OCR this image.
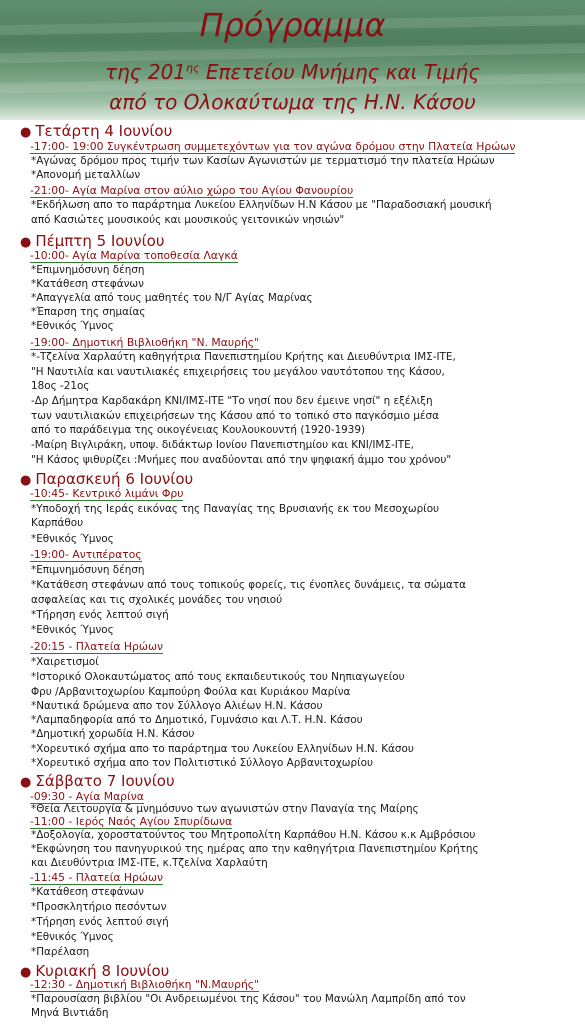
Πρόγραμμα
της $201^{\eta\varsigma}$ Επετείου Μνήμης και Τιμής
από το Ολοκαύτωμα της Η.Ν. Κάσου
● Τετάρτη 4 Ιουνίου
● Πέμπτη 5 Ιουνίου
● Παρασκευή 6 Ιουνίου
● Σάββατο 7 Ιουνίου
● Κυριακή 8 Ιουνίου
-17:00- 19:00 Συγκέντρωση συμμετεχόντων για τον αγώνα δρόμου στην Πλατεία Ηρώων
-21:00- Αγία Μαρίνα στον αύλιο χώρο του Αγίου Φανουρίου
-10:00- Αγία Μαρίνα τοποθεσία Λαγκά
-19:00- Δημοτική Βιβλιοθήκη "Ν. Μαυρής"
-10:45- Κεντρικό λιμάνι Φρυ
-19:00- Αντιπέρατος
-20:15 - Πλατεία Ηρώων
-09:30 - Αγία Μαρίνα
-11:00 - Ιερός Ναός Αγίου Σπυρίδωνα
-11:45 - Πλατεία Ηρώων
-12:30 - Δημοτική Βιβλιοθήκη "Ν.Μαυρής"
*Αγώνας δρόμου προς τιμήν των Κασίων Αγωνιστών με τερματισμό την πλατεία Ηρώων
*Απονομή μεταλλίων
*Εκδήλωση απο το παράρτημα Λυκείου Ελληνίδων Η.Ν Κάσου με "Παραδοσιακή μουσική
από Κασιώτες μουσικούς και μουσικούς γειτονικών νησιών"
*Επιμνημόσυνη δέηση
*Κατάθεση στεφάνων
*Απαγγελία από τους μαθητές του Ν/Γ Αγίας Μαρίνας
*Έπαρση της σημαίας
*Εθνικός Ύμνος
*-Τζελίνα Χαρλαύτη καθηγήτρια Πανεπιστημίου Κρήτης και Διευθύντρια ΙΜΣ-ΙΤΕ,
"Η Ναυτιλία και ναυτιλιακές επιχειρήσεις του μεγάλου ναυτότοπου της Κάσου,
18ος -21ος
-Δρ Δήμητρα Καρδακάρη ΚΝΙ/ΙΜΣ-ΙΤΕ "Το νησί που δεν έμεινε νησί" η εξέλιξη
των ναυτιλιακών επιχειρήσεων της Κάσου από το τοπικό στο παγκόσμιο μέσα
από το παράδειγμα της οικογένειας Κουλουκουντή (1920-1939)
-Μαίρη Βιγλιράκη, υποψ. διδάκτωρ Ιονίου Πανεπιστημίου και ΚΝΙ/ΙΜΣ-ΙΤΕ,
"Η Κάσος ψιθυρίζει :Μνήμες που αναδύονται από την ψηφιακή άμμο του χρόνου"
*Υποδοχή της Ιεράς εικόνας της Παναγίας της Βρυσιανής εκ του Μεσοχωρίου
Καρπάθου
*Εθνικός Ύμνος
*Επιμνημόσυνη δέηση
*Κατάθεση στεφάνων από τους τοπικούς φορείς, τις ένοπλες δυνάμεις, τα σώματα
ασφαλείας και τις σχολικές μονάδες του νησιού
*Τήρηση ενός λεπτού σιγή
*Εθνικός Ύμνος
*Χαιρετισμοί
*Ιστορικό Ολοκαυτώματος από τους εκπαιδευτικούς του Νηπιαγωγείου
Φρυ /Αρβανιτοχωρίου Καμπούρη Φούλα και Κυριάκου Μαρίνα
*Ναυτικά δρώμενα απο τον Σύλλογο Αλιέων Η.Ν. Κάσου
*Λαμπαδηφορία από το Δημοτικό, Γυμνάσιο και Λ.Τ. Η.Ν. Κάσου
*Δημοτική χορωδία Η.Ν. Κάσου
*Χορευτικό σχήμα απο το παράρτημα του Λυκείου Ελληνίδων Η.Ν. Κάσου
*Χορευτικό σχήμα απο τον Πολιτιστικό Σύλλογο Αρβανιτοχωρίου
*Θεία Λειτουργία & μνημόσυνο των αγωνιστών στην Παναγία της Μαίρης
*Δοξολογία, χοροστατούντος του Μητροπολίτη Καρπάθου Η.Ν. Κάσου κ.κ Αμβρόσιου
*Εκφώνηση του πανηγυρικού της ημέρας απο την καθηγήτρια Πανεπιστημίου Κρήτης
και Διευθύντρια ΙΜΣ-ΙΤΕ, κ.Τζελίνα Χαρλαύτη
*Κατάθεση στεφάνων
*Προσκλητήριο πεσόντων
*Τήρηση ενός λεπτού σιγή
*Εθνικός Ύμνος
*Παρέλαση
*Παρουσίαση βιβλίου "Οι Ανδρειωμένοι της Κάσου" του Μανώλη Λαμπρίδη από τον
Μηνά Βιντιάδη
